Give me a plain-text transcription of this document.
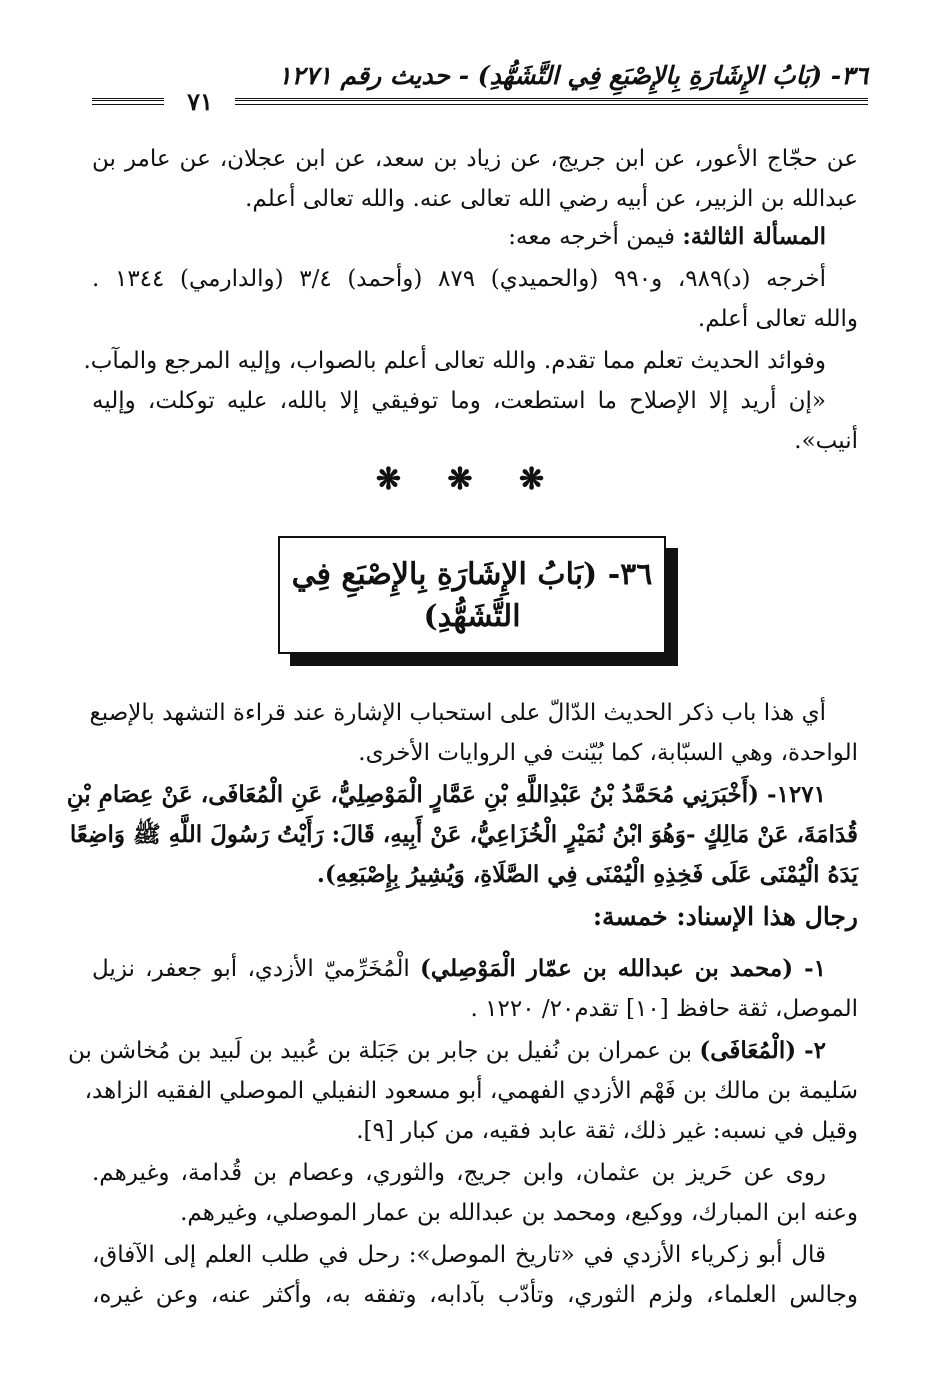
٣٦- (بَابُ الإِشَارَةِ بِالإِصْبَعِ فِي التَّشَهُّدِ) - حديث رقم ١٢٧١
٧١
عن حجّاج الأعور، عن ابن جريج، عن زياد بن سعد، عن ابن عجلان، عن عامر بن
عبدالله بن الزبير، عن أبيه رضي الله تعالى عنه. والله تعالى أعلم.
المسألة الثالثة: فيمن أخرجه معه:
أخرجه (د)٩٨٩، و٩٩٠ (والحميدي) ٨٧٩ (وأحمد) ٣/٤ (والدارمي) ١٣٤٤ .
والله تعالى أعلم.
وفوائد الحديث تعلم مما تقدم. والله تعالى أعلم بالصواب، وإليه المرجع والمآب.
«إن أريد إلا الإصلاح ما استطعت، وما توفيقي إلا بالله، عليه توكلت، وإليه
أنيب».
❋ ❋ ❋
٣٦- (بَابُ الإِشَارَةِ بِالإِصْبَعِ فِي
التَّشَهُّدِ)
أي هذا باب ذكر الحديث الدّالّ على استحباب الإشارة عند قراءة التشهد بالإصبع
الواحدة، وهي السبّابة، كما بُيّنت في الروايات الأخرى.
١٢٧١- (أَخْبَرَنِي مُحَمَّدُ بْنُ عَبْدِاللَّهِ بْنِ عَمَّارٍ الْمَوْصِلِيُّ، عَنِ الْمُعَافَى، عَنْ عِصَامِ بْنِ
قُدَامَةَ، عَنْ مَالِكٍ -وَهُوَ ابْنُ نُمَيْرٍ الْخُزَاعِيُّ، عَنْ أَبِيهِ، قَالَ: رَأَيْتُ رَسُولَ اللَّهِ ﷺ وَاضِعًا
يَدَهُ الْيُمْنَى عَلَى فَخِذِهِ الْيُمْنَى فِي الصَّلَاةِ، وَيُشِيرُ بِإِصْبَعِهِ).
رجال هذا الإسناد: خمسة:
١- (محمد بن عبدالله بن عمّار الْمَوْصِلي) الْمُخَرِّميّ الأزدي، أبو جعفر، نزيل
الموصل، ثقة حافظ [١٠] تقدم٢٠/ ١٢٢٠ .
٢- (الْمُعَافَى) بن عمران بن نُفيل بن جابر بن جَبَلة بن عُبيد بن لَبيد بن مُخاشن بن
سَليمة بن مالك بن فَهْم الأزدي الفهمي، أبو مسعود النفيلي الموصلي الفقيه الزاهد،
وقيل في نسبه: غير ذلك، ثقة عابد فقيه، من كبار [٩].
روى عن حَريز بن عثمان، وابن جريج، والثوري، وعصام بن قُدامة، وغيرهم.
وعنه ابن المبارك، ووكيع، ومحمد بن عبدالله بن عمار الموصلي، وغيرهم.
قال أبو زكرياء الأزدي في «تاريخ الموصل»: رحل في طلب العلم إلى الآفاق،
وجالس العلماء، ولزم الثوري، وتأدّب بآدابه، وتفقه به، وأكثر عنه، وعن غيره،
